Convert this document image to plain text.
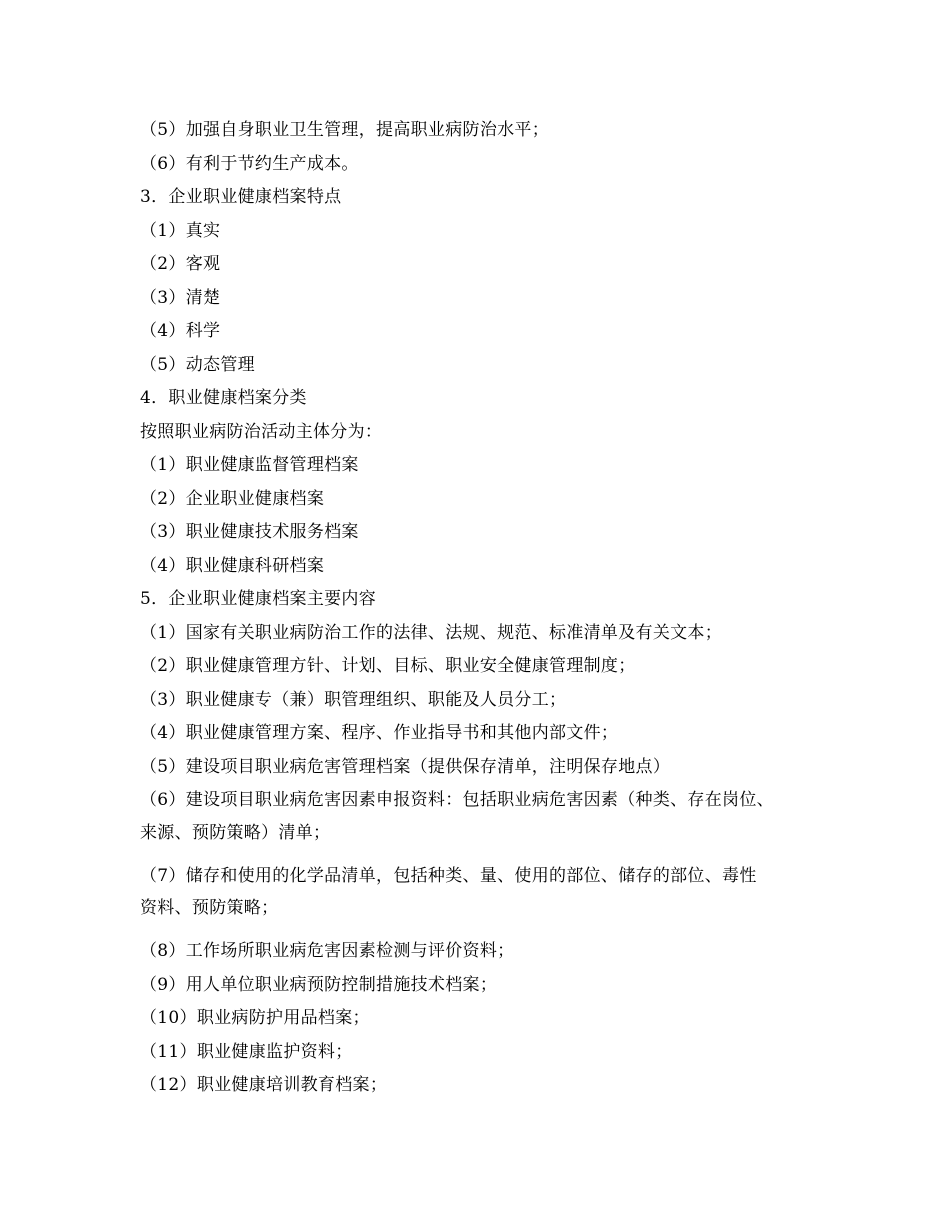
（5）加强自身职业卫生管理，提高职业病防治水平；
（6）有利于节约生产成本。
3．企业职业健康档案特点
（1）真实
（2）客观
（3）清楚
（4）科学
（5）动态管理
4．职业健康档案分类
按照职业病防治活动主体分为：
（1）职业健康监督管理档案
（2）企业职业健康档案
（3）职业健康技术服务档案
（4）职业健康科研档案
5．企业职业健康档案主要内容
（1）国家有关职业病防治工作的法律、法规、规范、标准清单及有关文本；
（2）职业健康管理方针、计划、目标、职业安全健康管理制度；
（3）职业健康专（兼）职管理组织、职能及人员分工；
（4）职业健康管理方案、程序、作业指导书和其他内部文件；
（5）建设项目职业病危害管理档案（提供保存清单，注明保存地点）
（6）建设项目职业病危害因素申报资料：包括职业病危害因素（种类、存在岗位、
来源、预防策略）清单；
（7）储存和使用的化学品清单，包括种类、量、使用的部位、储存的部位、毒性
资料、预防策略；
（8）工作场所职业病危害因素检测与评价资料；
（9）用人单位职业病预防控制措施技术档案；
（10）职业病防护用品档案；
（11）职业健康监护资料；
（12）职业健康培训教育档案；
